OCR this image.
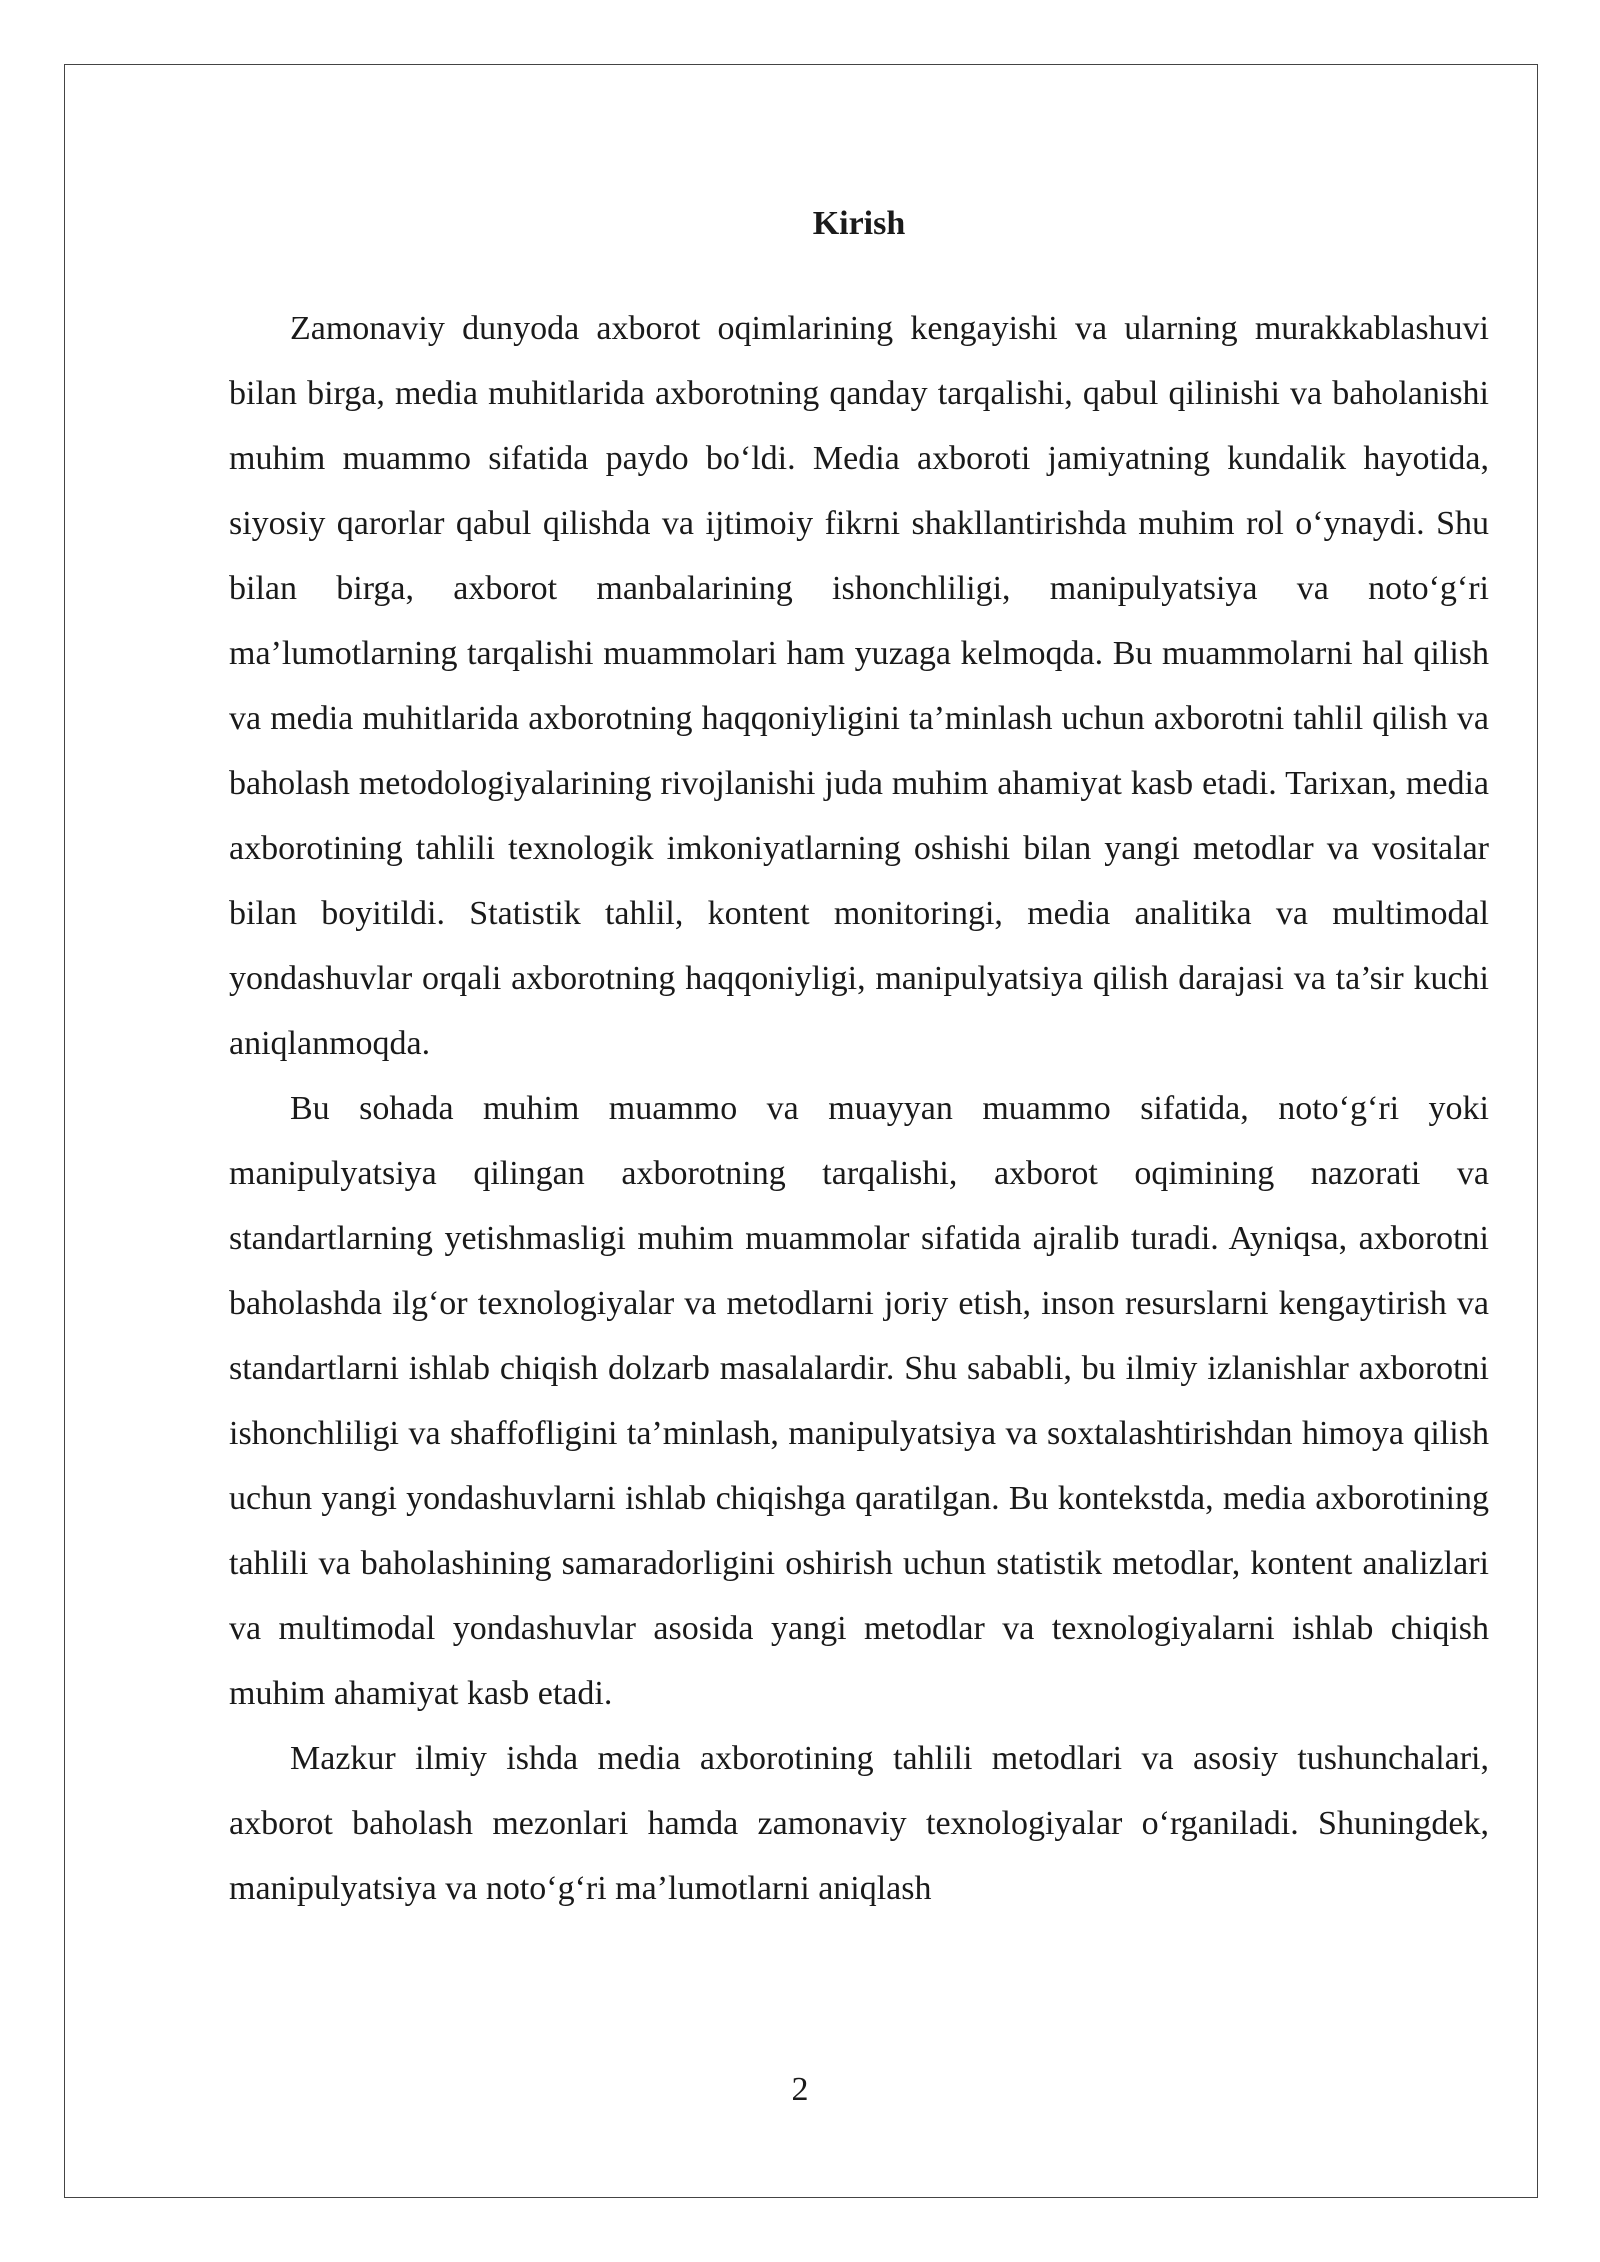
Kirish

Zamonaviy dunyoda axborot oqimlarining kengayishi va ularning murakkablashuvi bilan birga, media muhitlarida axborotning qanday tarqalishi, qabul qilinishi va baholanishi muhim muammo sifatida paydo bo‘ldi. Media axboroti jamiyatning kundalik hayotida, siyosiy qarorlar qabul qilishda va ijtimoiy fikrni shakllantirishda muhim rol o‘ynaydi. Shu bilan birga, axborot manbalarining ishonchliligi, manipulyatsiya va noto‘g‘ri ma’lumotlarning tarqalishi muammolari ham yuzaga kelmoqda. Bu muammolarni hal qilish va media muhitlarida axborotning haqqoniyligini ta’minlash uchun axborotni tahlil qilish va baholash metodologiyalarining rivojlanishi juda muhim ahamiyat kasb etadi. Tarixan, media axborotining tahlili texnologik imkoniyatlarning oshishi bilan yangi metodlar va vositalar bilan boyitildi. Statistik tahlil, kontent monitoringi, media analitika va multimodal yondashuvlar orqali axborotning haqqoniyligi, manipulyatsiya qilish darajasi va ta’sir kuchi aniqlanmoqda.

Bu sohada muhim muammo va muayyan muammo sifatida, noto‘g‘ri yoki manipulyatsiya qilingan axborotning tarqalishi, axborot oqimining nazorati va standartlarning yetishmasligi muhim muammolar sifatida ajralib turadi. Ayniqsa, axborotni baholashda ilg‘or texnologiyalar va metodlarni joriy etish, inson resurslarni kengaytirish va standartlarni ishlab chiqish dolzarb masalalardir. Shu sababli, bu ilmiy izlanishlar axborotni ishonchliligi va shaffofligini ta’minlash, manipulyatsiya va soxtalashtirishdan himoya qilish uchun yangi yondashuvlarni ishlab chiqishga qaratilgan. Bu kontekstda, media axborotining tahlili va baholashining samaradorligini oshirish uchun statistik metodlar, kontent analizlari va multimodal yondashuvlar asosida yangi metodlar va texnologiyalarni ishlab chiqish muhim ahamiyat kasb etadi.

Mazkur ilmiy ishda media axborotining tahlili metodlari va asosiy tushunchalari, axborot baholash mezonlari hamda zamonaviy texnologiyalar o‘rganiladi. Shuningdek, manipulyatsiya va noto‘g‘ri ma’lumotlarni aniqlash

2
